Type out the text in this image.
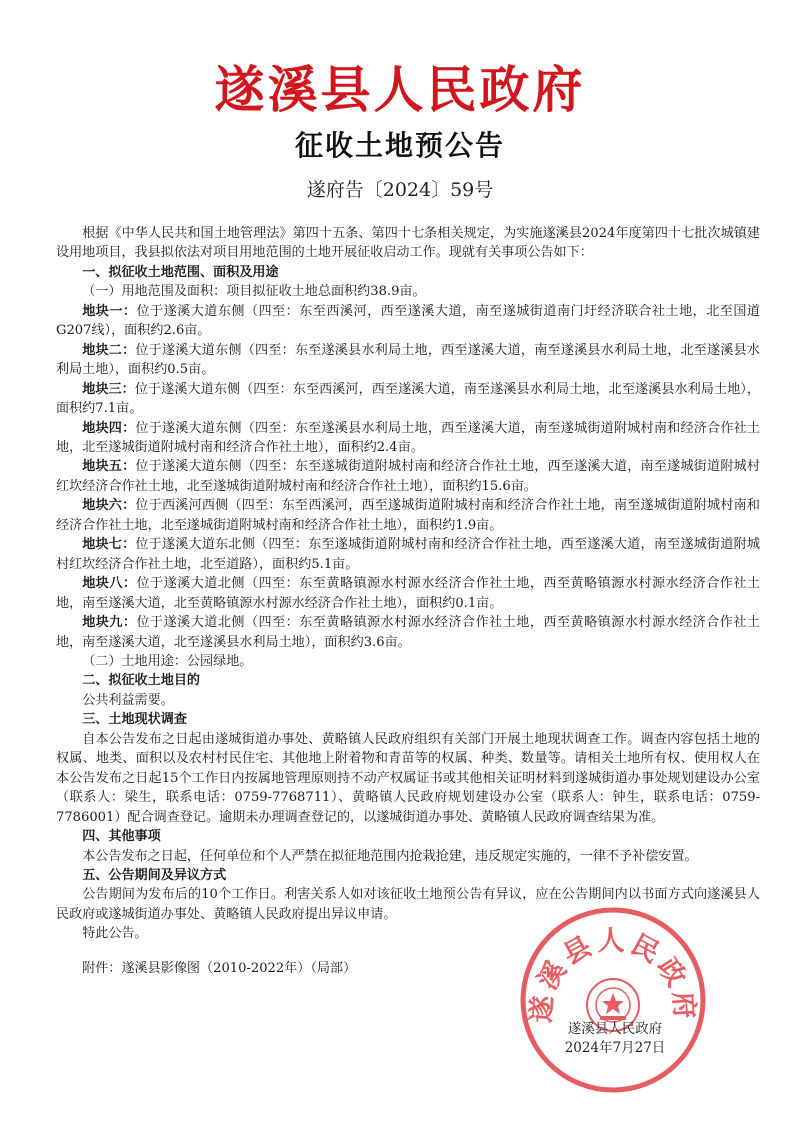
遂溪县人民政府
征收土地预公告
遂府告〔2024〕59号

根据《中华人民共和国土地管理法》第四十五条、第四十七条相关规定，为实施遂溪县2024年度第四十七批次城镇建设用地项目，我县拟依法对项目用地范围的土地开展征收启动工作。现就有关事项公告如下：

一、拟征收土地范围、面积及用途

（一）用地范围及面积：项目拟征收土地总面积约38.9亩。

地块一：位于遂溪大道东侧（四至：东至西溪河，西至遂溪大道，南至遂城街道南门圩经济联合社土地，北至国道G207线），面积约2.6亩。

地块二：位于遂溪大道东侧（四至：东至遂溪县水利局土地，西至遂溪大道，南至遂溪县水利局土地，北至遂溪县水利局土地），面积约0.5亩。

地块三：位于遂溪大道东侧（四至：东至西溪河，西至遂溪大道，南至遂溪县水利局土地，北至遂溪县水利局土地），面积约7.1亩。

地块四：位于遂溪大道东侧（四至：东至遂溪县水利局土地，西至遂溪大道，南至遂城街道附城村南和经济合作社土地，北至遂城街道附城村南和经济合作社土地），面积约2.4亩。

地块五：位于遂溪大道东侧（四至：东至遂城街道附城村南和经济合作社土地，西至遂溪大道，南至遂城街道附城村红坎经济合作社土地，北至遂城街道附城村南和经济合作社土地），面积约15.6亩。

地块六：位于西溪河西侧（四至：东至西溪河，西至遂城街道附城村南和经济合作社土地，南至遂城街道附城村南和经济合作社土地，北至遂城街道附城村南和经济合作社土地），面积约1.9亩。

地块七：位于遂溪大道东北侧（四至：东至遂城街道附城村南和经济合作社土地，西至遂溪大道，南至遂城街道附城村红坎经济合作社土地，北至道路），面积约5.1亩。

地块八：位于遂溪大道北侧（四至：东至黄略镇源水村源水经济合作社土地，西至黄略镇源水村源水经济合作社土地，南至遂溪大道，北至黄略镇源水村源水经济合作社土地），面积约0.1亩。

地块九：位于遂溪大道北侧（四至：东至黄略镇源水村源水经济合作社土地，西至黄略镇源水村源水经济合作社土地，南至遂溪大道，北至遂溪县水利局土地），面积约3.6亩。

（二）土地用途：公园绿地。

二、拟征收土地目的

公共利益需要。

三、土地现状调查

自本公告发布之日起由遂城街道办事处、黄略镇人民政府组织有关部门开展土地现状调查工作。调查内容包括土地的权属、地类、面积以及农村村民住宅、其他地上附着物和青苗等的权属、种类、数量等。请相关土地所有权、使用权人在本公告发布之日起15个工作日内按属地管理原则持不动产权属证书或其他相关证明材料到遂城街道办事处规划建设办公室（联系人：梁生，联系电话：0759-7768711）、黄略镇人民政府规划建设办公室（联系人：钟生，联系电话：0759-7786001）配合调查登记。逾期未办理调查登记的，以遂城街道办事处、黄略镇人民政府调查结果为准。

四、其他事项

本公告发布之日起，任何单位和个人严禁在拟征地范围内抢栽抢建，违反规定实施的，一律不予补偿安置。

五、公告期间及异议方式

公告期间为发布后的10个工作日。利害关系人如对该征收土地预公告有异议，应在公告期间内以书面方式向遂溪县人民政府或遂城街道办事处、黄略镇人民政府提出异议申请。

特此公告。

附件：遂溪县影像图（2010-2022年）（局部）

遂溪县人民政府
遂溪县人民政府
2024年7月27日
